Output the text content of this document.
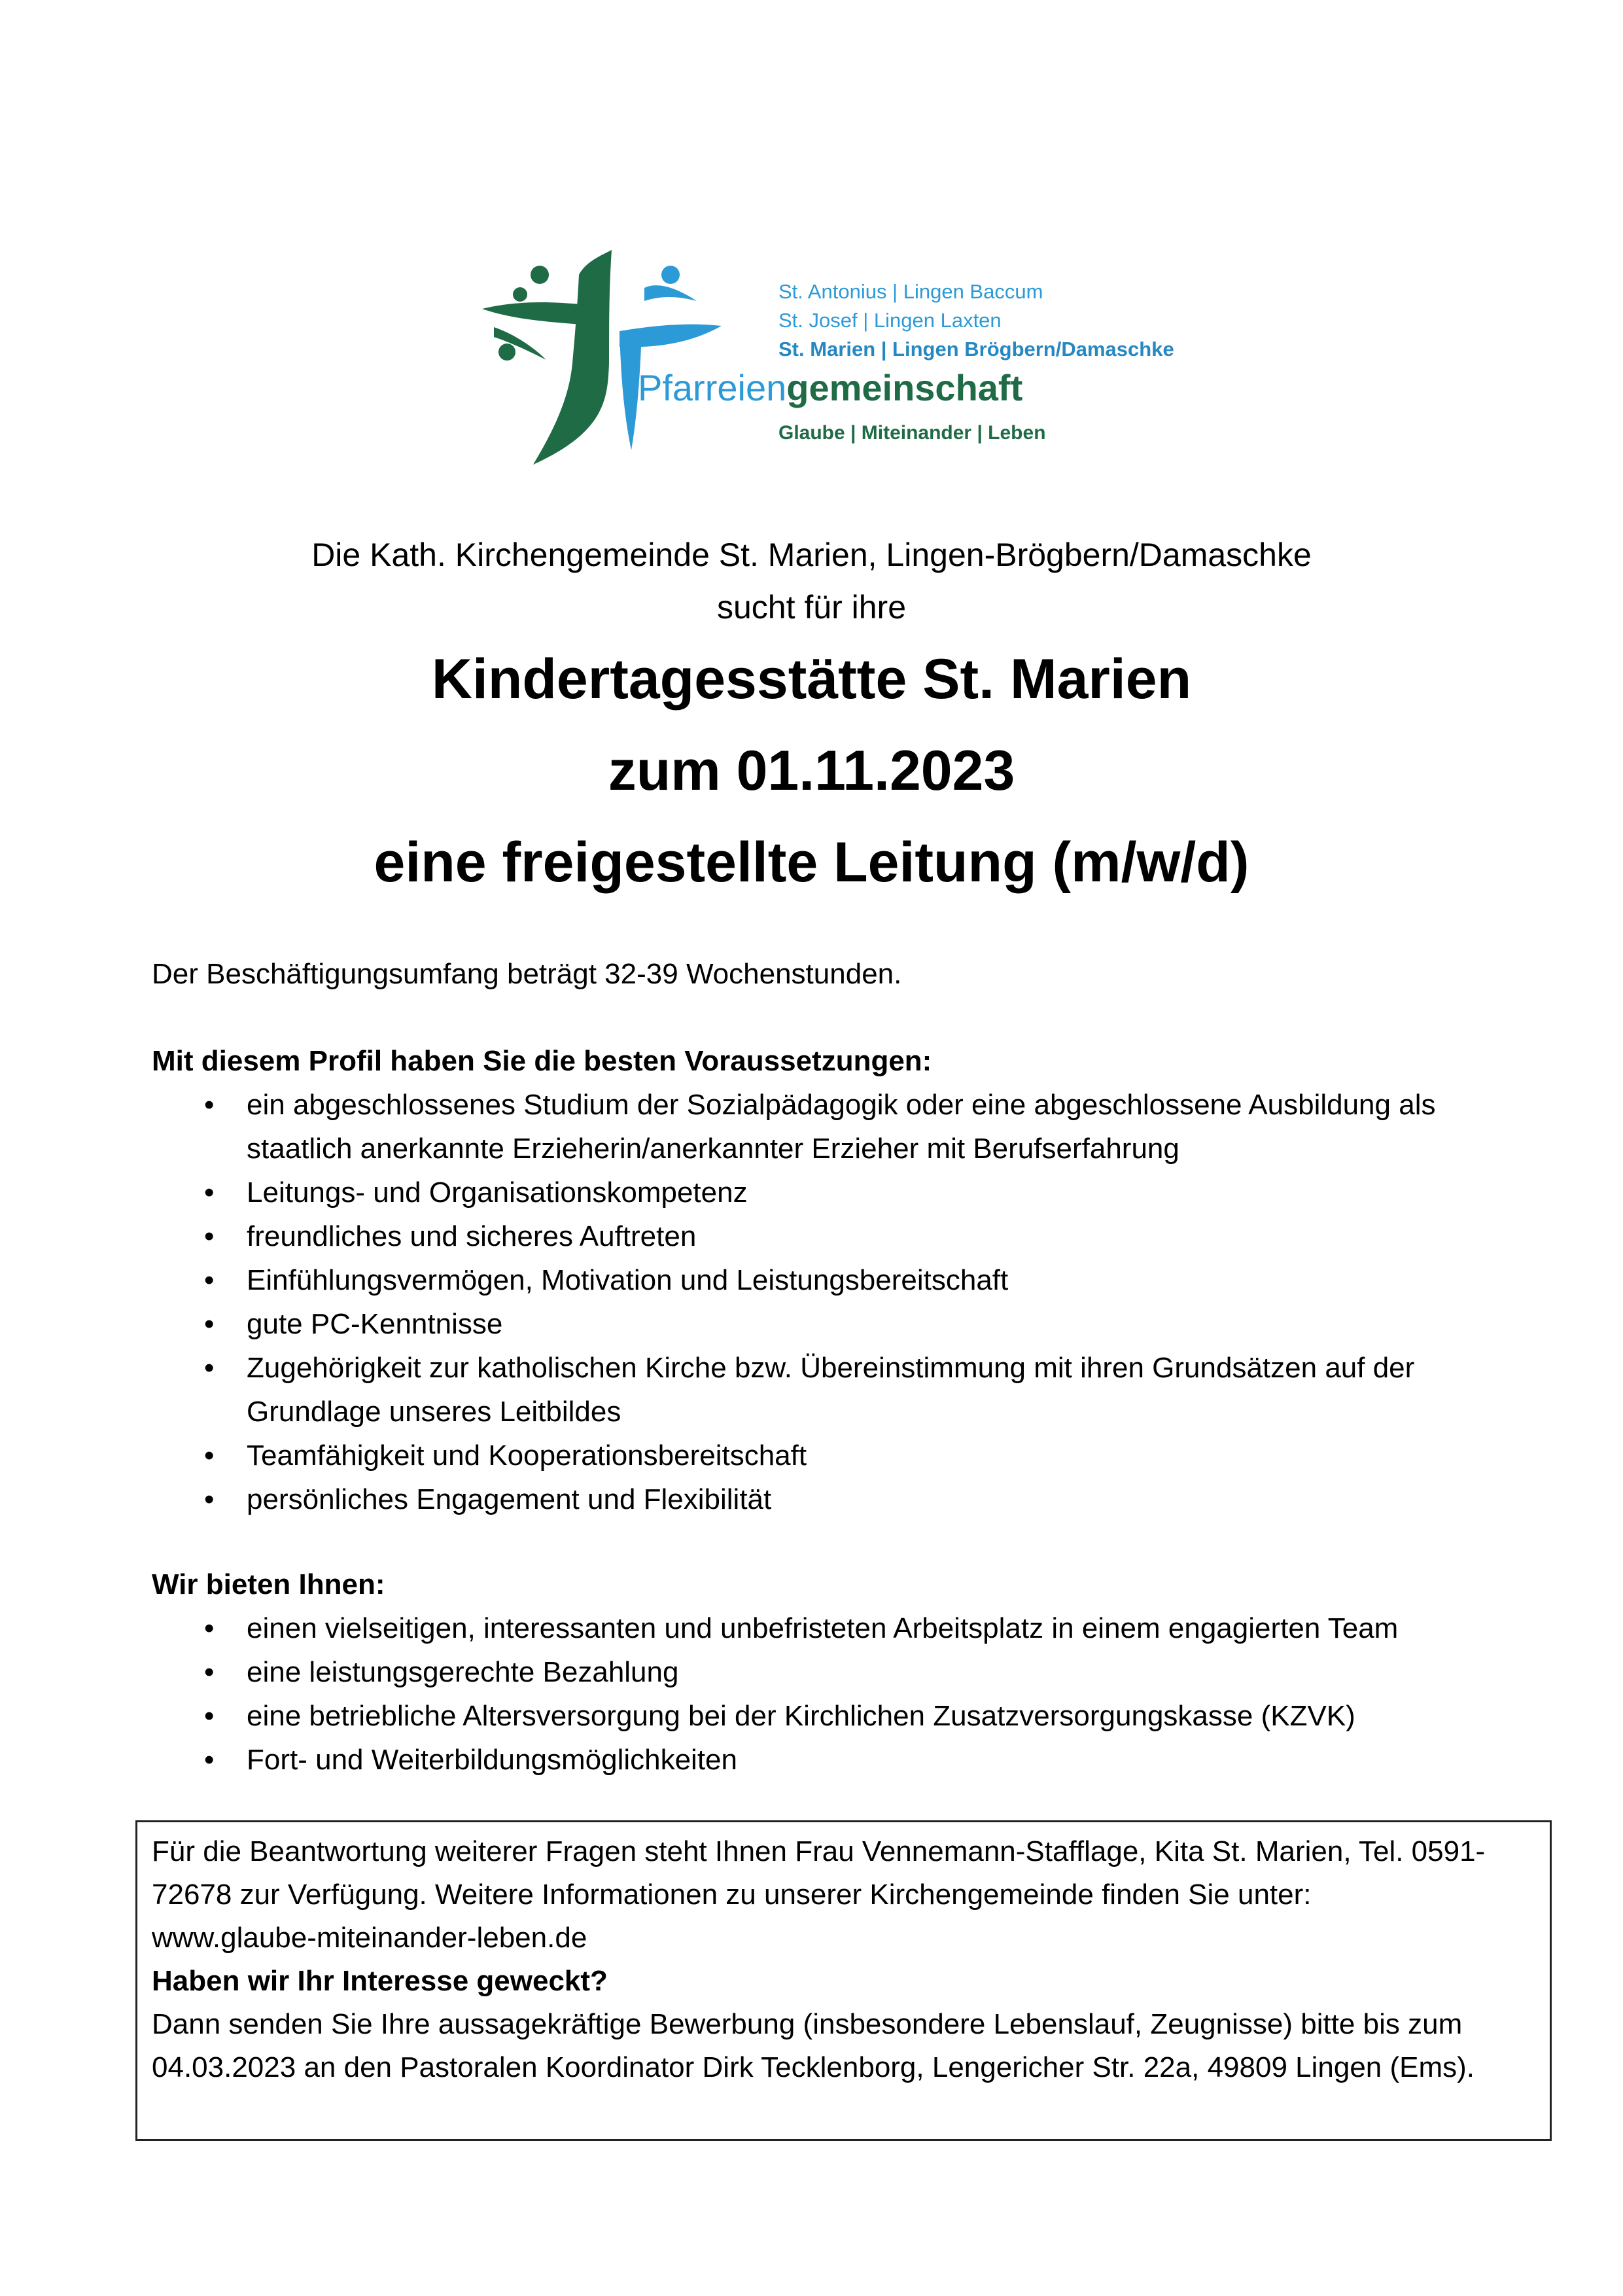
St. Antonius | Lingen Baccum
St. Josef | Lingen Laxten
St. Marien | Lingen Brögbern/Damaschke
Pfarreiengemeinschaft
Glaube | Miteinander | Leben
Die Kath. Kirchengemeinde St. Marien, Lingen-Brögbern/Damaschke
sucht für ihre
Kindertagesstätte St. Marien
zum 01.11.2023
eine freigestellte Leitung (m/w/d)
Der Beschäftigungsumfang beträgt 32-39 Wochenstunden.
Mit diesem Profil haben Sie die besten Voraussetzungen:
• ein abgeschlossenes Studium der Sozialpädagogik oder eine abgeschlossene Ausbildung als staatlich anerkannte Erzieherin/anerkannter Erzieher mit Berufserfahrung
• Leitungs- und Organisationskompetenz
• freundliches und sicheres Auftreten
• Einfühlungsvermögen, Motivation und Leistungsbereitschaft
• gute PC-Kenntnisse
• Zugehörigkeit zur katholischen Kirche bzw. Übereinstimmung mit ihren Grundsätzen auf der Grundlage unseres Leitbildes
• Teamfähigkeit und Kooperationsbereitschaft
• persönliches Engagement und Flexibilität
Wir bieten Ihnen:
• einen vielseitigen, interessanten und unbefristeten Arbeitsplatz in einem engagierten Team
• eine leistungsgerechte Bezahlung
• eine betriebliche Altersversorgung bei der Kirchlichen Zusatzversorgungskasse (KZVK)
• Fort- und Weiterbildungsmöglichkeiten

Für die Beantwortung weiterer Fragen steht Ihnen Frau Vennemann-Stafflage, Kita St. Marien, Tel. 0591-72678 zur Verfügung. Weitere Informationen zu unserer Kirchengemeinde finden Sie unter:

www.glaube-miteinander-leben.de

Haben wir Ihr Interesse geweckt?

Dann senden Sie Ihre aussagekräftige Bewerbung (insbesondere Lebenslauf, Zeugnisse) bitte bis zum 04.03.2023 an den Pastoralen Koordinator Dirk Tecklenborg, Lengericher Str. 22a, 49809 Lingen (Ems).
